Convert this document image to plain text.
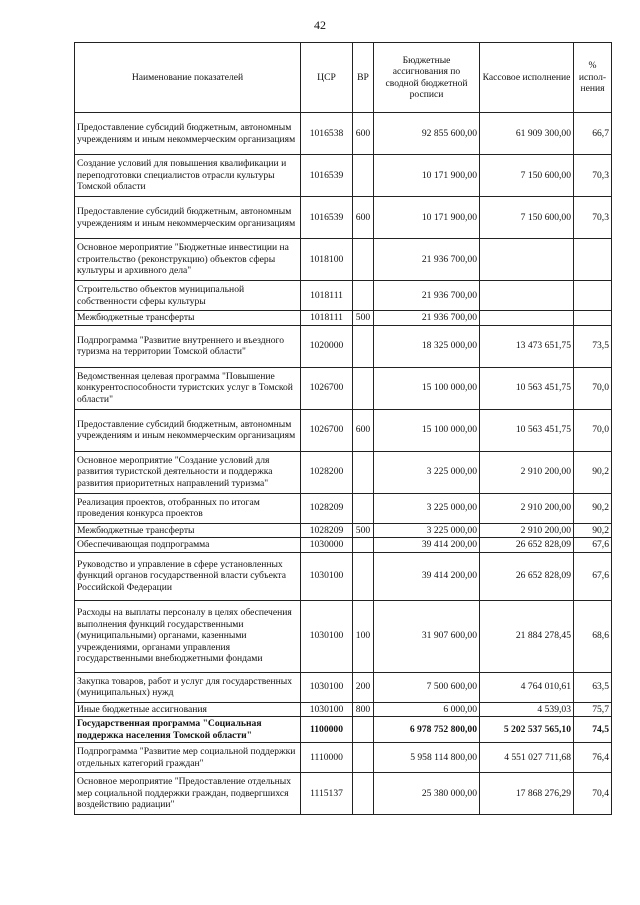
42
Наименование показателей	ЦСР	ВР	Бюджетные ассигнования по сводной бюджетной росписи	Кассовое исполнение	% испол-нения
Предоставление субсидий бюджетным, автономным учреждениям и иным некоммерческим организациям	1016538	600	92 855 600,00	61 909 300,00	66,7
Создание условий для повышения квалификации и переподготовки специалистов отрасли культуры Томской области	1016539		10 171 900,00	7 150 600,00	70,3
Предоставление субсидий бюджетным, автономным учреждениям и иным некоммерческим организациям	1016539	600	10 171 900,00	7 150 600,00	70,3
Основное мероприятие "Бюджетные инвестиции на строительство (реконструкцию) объектов сферы культуры и архивного дела"	1018100		21 936 700,00		
Строительство объектов муниципальной собственности сферы культуры	1018111		21 936 700,00		
Межбюджетные трансферты	1018111	500	21 936 700,00		
Подпрограмма "Развитие внутреннего и въездного туризма на территории Томской области"	1020000		18 325 000,00	13 473 651,75	73,5
Ведомственная целевая программа "Повышение конкурентоспособности туристских услуг в Томской области"	1026700		15 100 000,00	10 563 451,75	70,0
Предоставление субсидий бюджетным, автономным учреждениям и иным некоммерческим организациям	1026700	600	15 100 000,00	10 563 451,75	70,0
Основное мероприятие "Создание условий для развития туристской деятельности и поддержка развития приоритетных направлений туризма"	1028200		3 225 000,00	2 910 200,00	90,2
Реализация проектов, отобранных по итогам проведения конкурса проектов	1028209		3 225 000,00	2 910 200,00	90,2
Межбюджетные трансферты	1028209	500	3 225 000,00	2 910 200,00	90,2
Обеспечивающая подпрограмма	1030000		39 414 200,00	26 652 828,09	67,6
Руководство и управление в сфере установленных функций органов государственной власти субъекта Российской Федерации	1030100		39 414 200,00	26 652 828,09	67,6
Расходы на выплаты персоналу в целях обеспечения выполнения функций государственными (муниципальными) органами, казенными учреждениями, органами управления государственными внебюджетными фондами	1030100	100	31 907 600,00	21 884 278,45	68,6
Закупка товаров, работ и услуг для государственных (муниципальных) нужд	1030100	200	7 500 600,00	4 764 010,61	63,5
Иные бюджетные ассигнования	1030100	800	6 000,00	4 539,03	75,7
Государственная программа "Социальная поддержка населения Томской области"	1100000		6 978 752 800,00	5 202 537 565,10	74,5
Подпрограмма "Развитие мер социальной поддержки отдельных категорий граждан"	1110000		5 958 114 800,00	4 551 027 711,68	76,4
Основное мероприятие "Предоставление отдельных мер социальной поддержки граждан, подвергшихся воздействию радиации"	1115137		25 380 000,00	17 868 276,29	70,4
